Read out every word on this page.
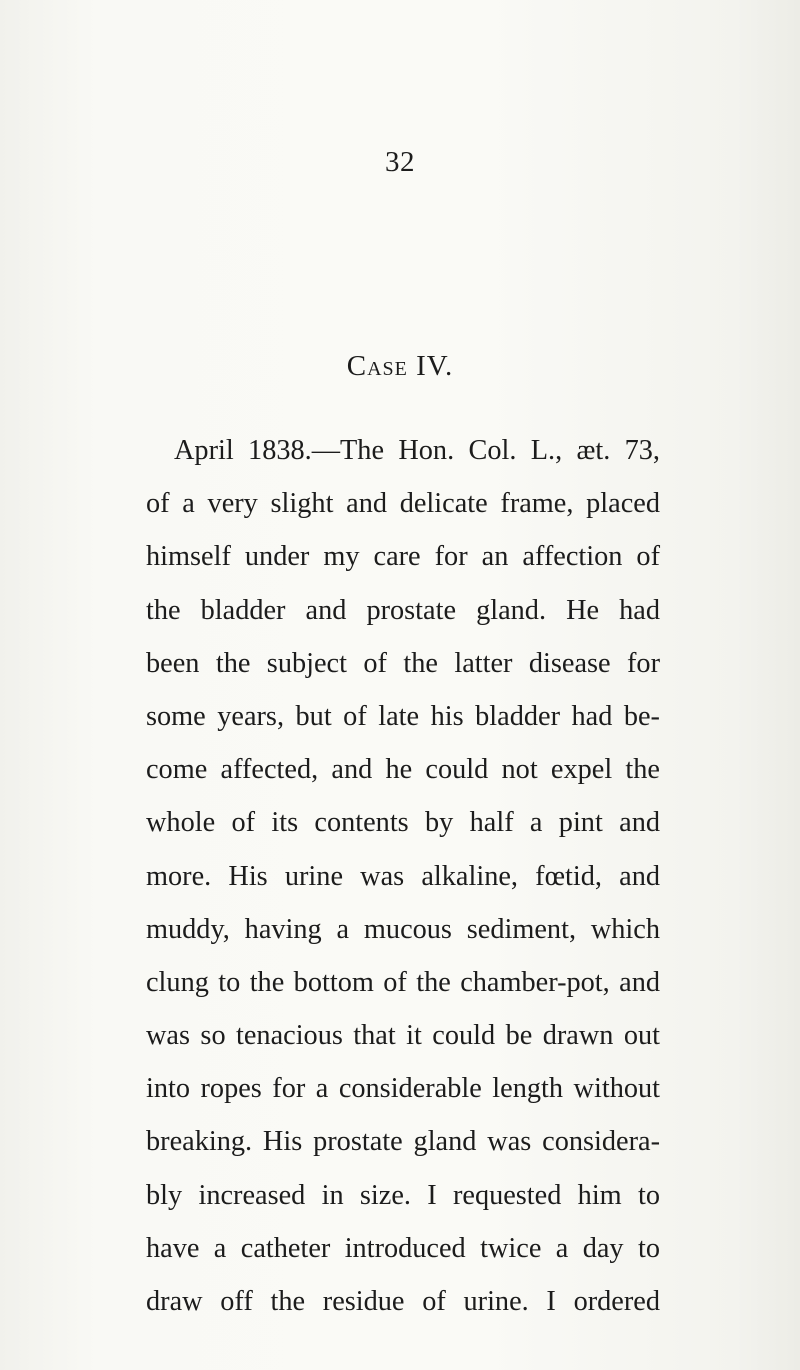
32
Case IV.

April 1838.—The Hon. Col. L., æt. 73,
of a very slight and delicate frame, placed
himself under my care for an affection of
the bladder and prostate gland. He had
been the subject of the latter disease for
some years, but of late his bladder had be-
come affected, and he could not expel the
whole of its contents by half a pint and
more. His urine was alkaline, fœtid, and
muddy, having a mucous sediment, which
clung to the bottom of the chamber-pot, and
was so tenacious that it could be drawn out
into ropes for a considerable length without
breaking. His prostate gland was considera-
bly increased in size. I requested him to
have a catheter introduced twice a day to
draw off the residue of urine. I ordered
